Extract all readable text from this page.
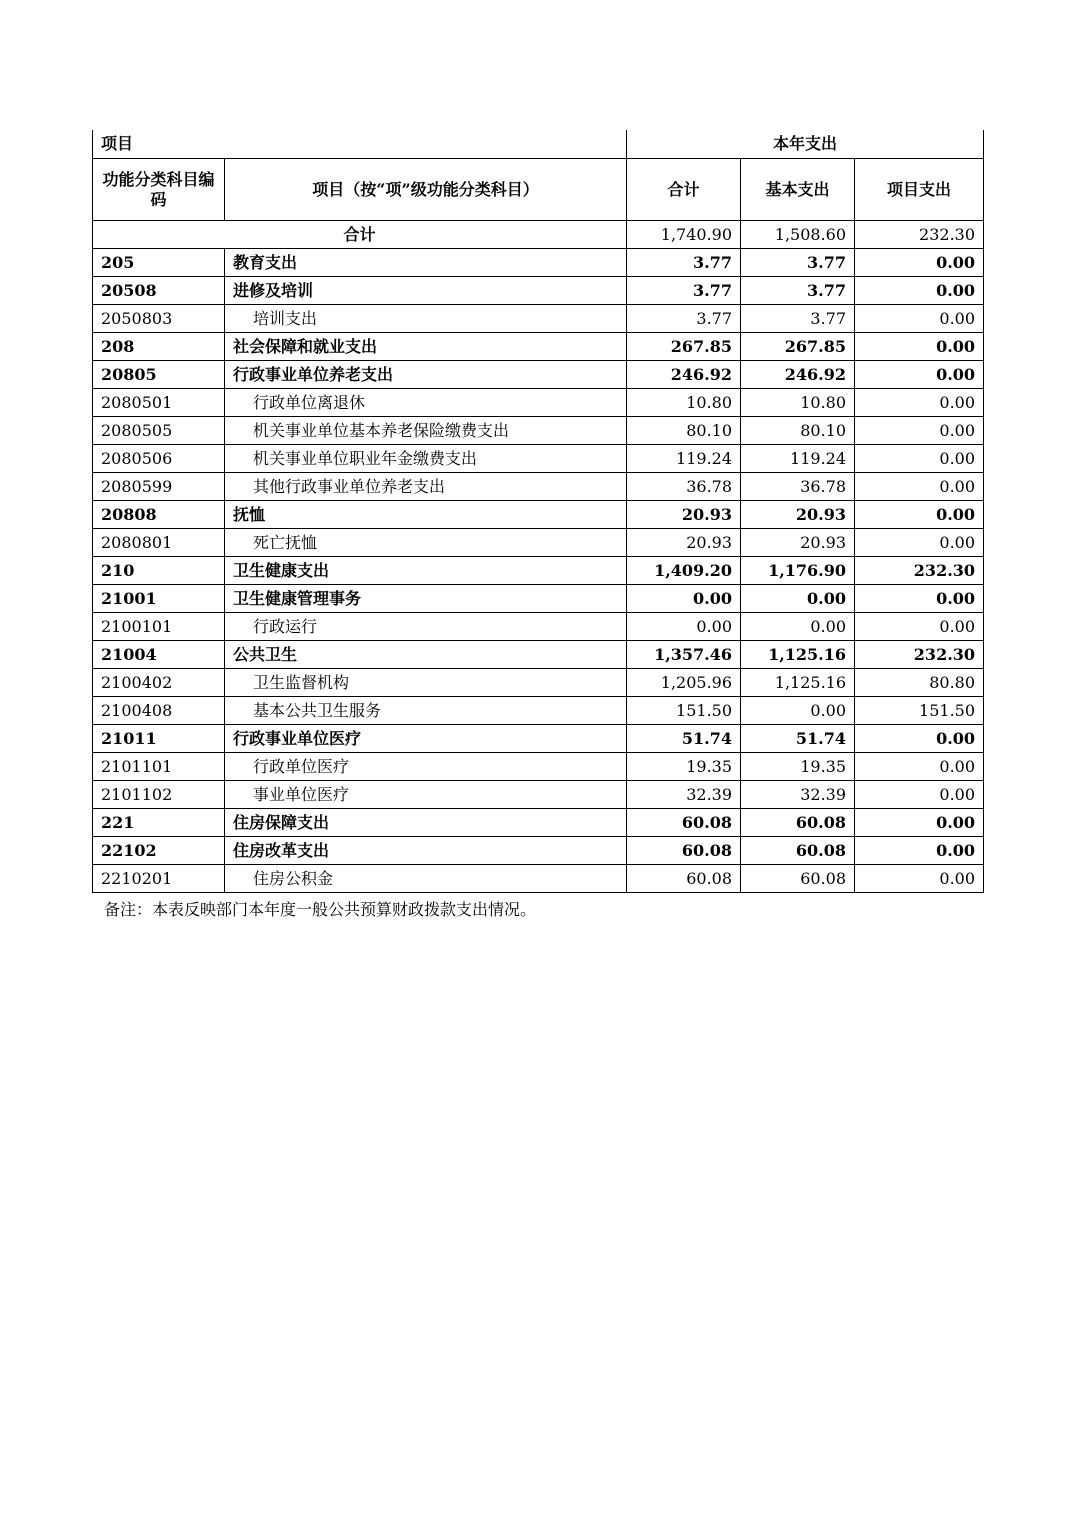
项目		本年支出		
功能分类科目编码	项目（按“项”级功能分类科目）	合计	基本支出	项目支出
合计		1,740.90	1,508.60	232.30
205	教育支出	3.77	3.77	0.00
20508	进修及培训	3.77	3.77	0.00
2050803	培训支出	3.77	3.77	0.00
208	社会保障和就业支出	267.85	267.85	0.00
20805	行政事业单位养老支出	246.92	246.92	0.00
2080501	行政单位离退休	10.80	10.80	0.00
2080505	机关事业单位基本养老保险缴费支出	80.10	80.10	0.00
2080506	机关事业单位职业年金缴费支出	119.24	119.24	0.00
2080599	其他行政事业单位养老支出	36.78	36.78	0.00
20808	抚恤	20.93	20.93	0.00
2080801	死亡抚恤	20.93	20.93	0.00
210	卫生健康支出	1,409.20	1,176.90	232.30
21001	卫生健康管理事务	0.00	0.00	0.00
2100101	行政运行	0.00	0.00	0.00
21004	公共卫生	1,357.46	1,125.16	232.30
2100402	卫生监督机构	1,205.96	1,125.16	80.80
2100408	基本公共卫生服务	151.50	0.00	151.50
21011	行政事业单位医疗	51.74	51.74	0.00
2101101	行政单位医疗	19.35	19.35	0.00
2101102	事业单位医疗	32.39	32.39	0.00
221	住房保障支出	60.08	60.08	0.00
22102	住房改革支出	60.08	60.08	0.00
2210201	住房公积金	60.08	60.08	0.00
备注：本表反映部门本年度一般公共预算财政拨款支出情况。
